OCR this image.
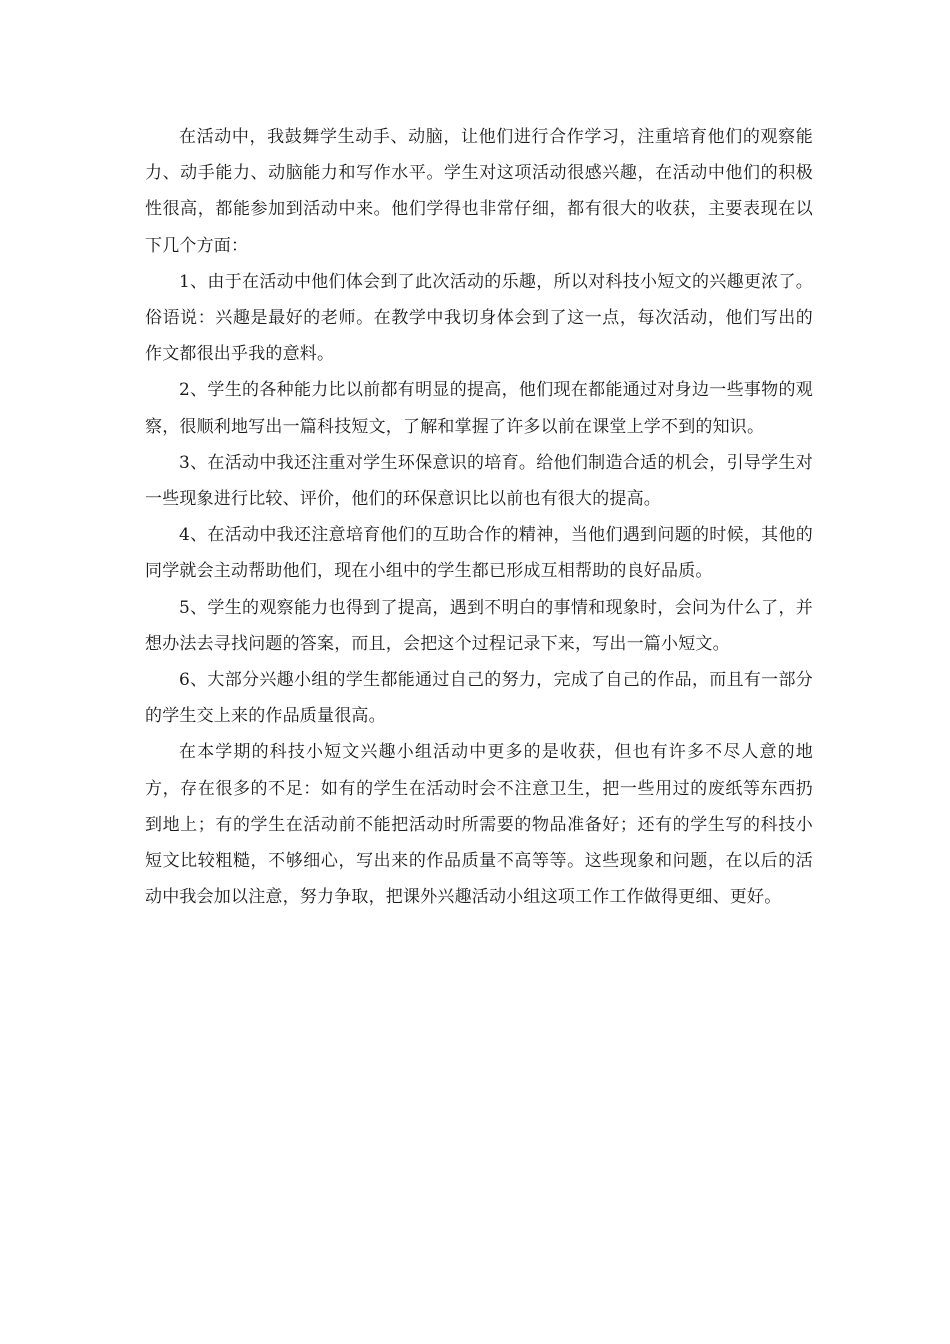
在活动中，我鼓舞学生动手、动脑，让他们进行合作学习，注重培育他们的观察能力、动手能力、动脑能力和写作水平。学生对这项活动很感兴趣，在活动中他们的积极性很高，都能参加到活动中来。他们学得也非常仔细，都有很大的收获，主要表现在以下几个方面：

1、由于在活动中他们体会到了此次活动的乐趣，所以对科技小短文的兴趣更浓了。俗语说：兴趣是最好的老师。在教学中我切身体会到了这一点，每次活动，他们写出的作文都很出乎我的意料。

2、学生的各种能力比以前都有明显的提高，他们现在都能通过对身边一些事物的观察，很顺利地写出一篇科技短文，了解和掌握了许多以前在课堂上学不到的知识。

3、在活动中我还注重对学生环保意识的培育。给他们制造合适的机会，引导学生对一些现象进行比较、评价，他们的环保意识比以前也有很大的提高。

4、在活动中我还注意培育他们的互助合作的精神，当他们遇到问题的时候，其他的同学就会主动帮助他们，现在小组中的学生都已形成互相帮助的良好品质。

5、学生的观察能力也得到了提高，遇到不明白的事情和现象时，会问为什么了，并想办法去寻找问题的答案，而且，会把这个过程记录下来，写出一篇小短文。

6、大部分兴趣小组的学生都能通过自己的努力，完成了自己的作品，而且有一部分的学生交上来的作品质量很高。

在本学期的科技小短文兴趣小组活动中更多的是收获，但也有许多不尽人意的地方，存在很多的不足：如有的学生在活动时会不注意卫生，把一些用过的废纸等东西扔到地上；有的学生在活动前不能把活动时所需要的物品准备好；还有的学生写的科技小短文比较粗糙，不够细心，写出来的作品质量不高等等。这些现象和问题，在以后的活动中我会加以注意，努力争取，把课外兴趣活动小组这项工作工作做得更细、更好。
